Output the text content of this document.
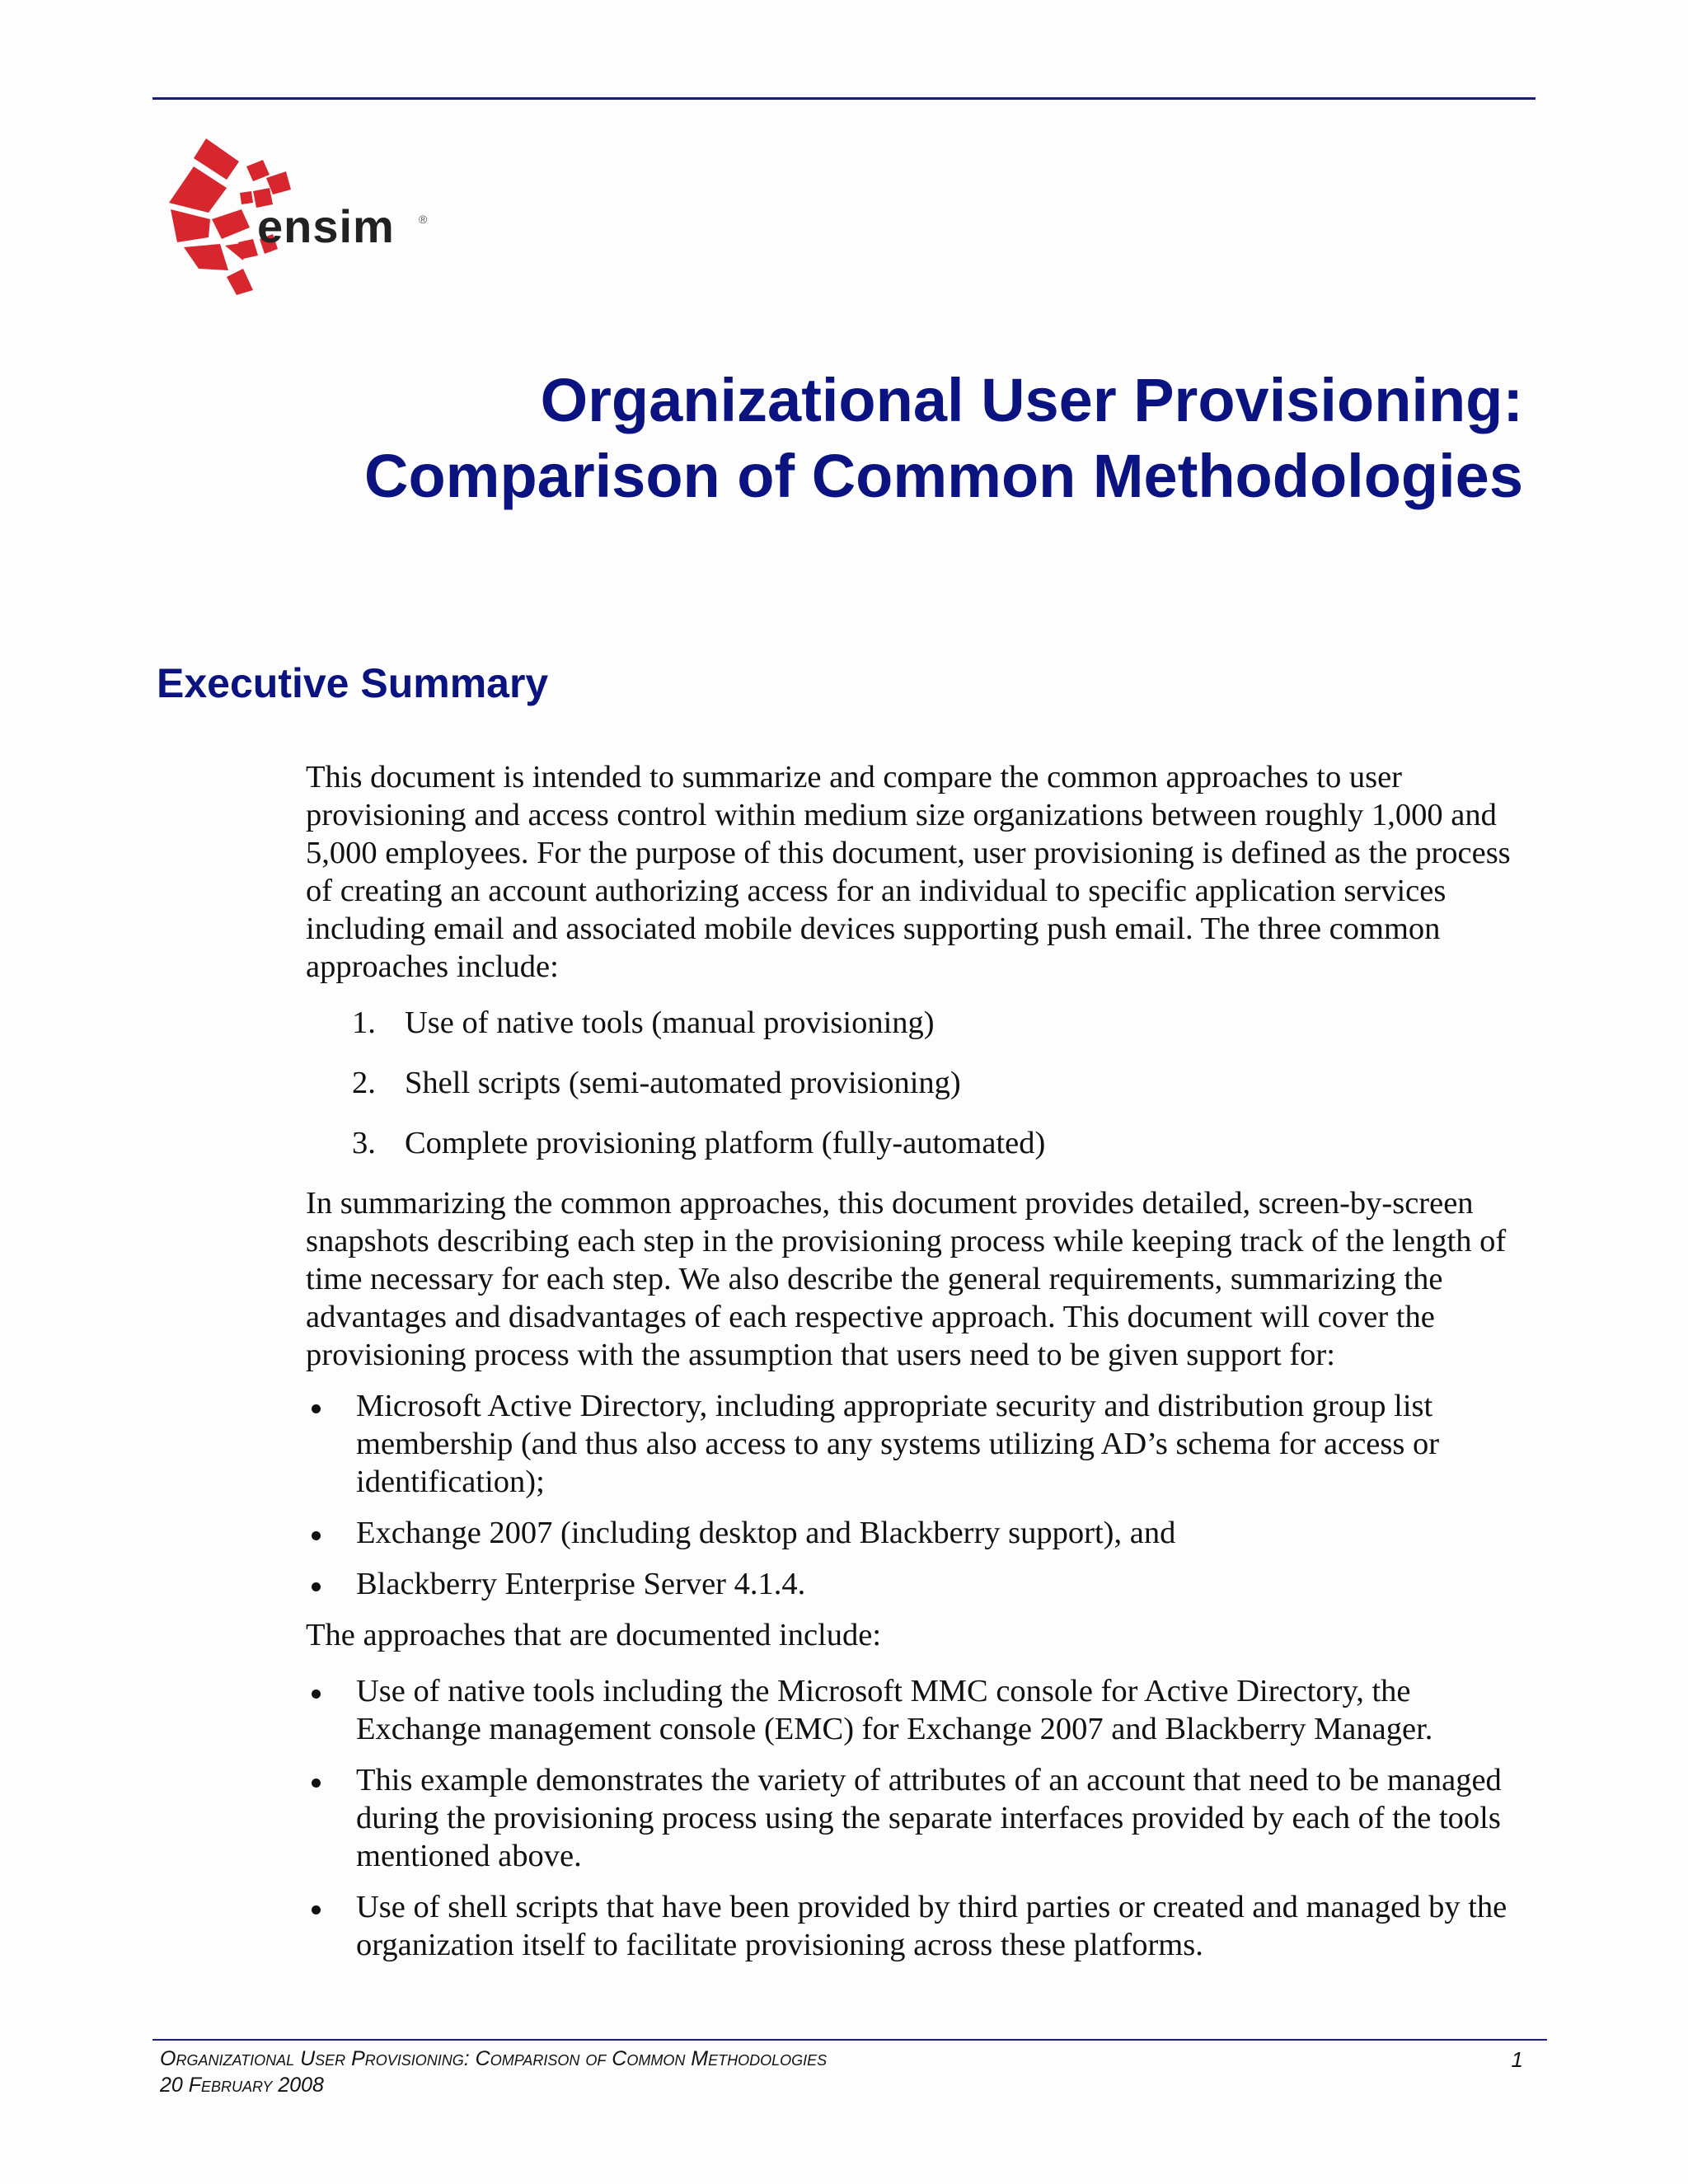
ensim ®
Organizational User Provisioning:
Comparison of Common Methodologies
Executive Summary

This document is intended to summarize and compare the common approaches to user provisioning and access control within medium size organizations between roughly 1,000 and 5,000 employees. For the purpose of this document, user provisioning is defined as the process of creating an account authorizing access for an individual to specific application services including email and associated mobile devices supporting push email. The three common approaches include:

1. Use of native tools (manual provisioning)
2. Shell scripts (semi-automated provisioning)
3. Complete provisioning platform (fully-automated)

In summarizing the common approaches, this document provides detailed, screen-by-screen snapshots describing each step in the provisioning process while keeping track of the length of time necessary for each step. We also describe the general requirements, summarizing the advantages and disadvantages of each respective approach. This document will cover the provisioning process with the assumption that users need to be given support for:

Microsoft Active Directory, including appropriate security and distribution group list membership (and thus also access to any systems utilizing AD’s schema for access or identification);
Exchange 2007 (including desktop and Blackberry support), and
Blackberry Enterprise Server 4.1.4.

The approaches that are documented include:

Use of native tools including the Microsoft MMC console for Active Directory, the Exchange management console (EMC) for Exchange 2007 and Blackberry Manager.
This example demonstrates the variety of attributes of an account that need to be managed during the provisioning process using the separate interfaces provided by each of the tools mentioned above.
Use of shell scripts that have been provided by third parties or created and managed by the organization itself to facilitate provisioning across these platforms.
Organizational User Provisioning: Comparison of Common Methodologies
20 February 2008
1
